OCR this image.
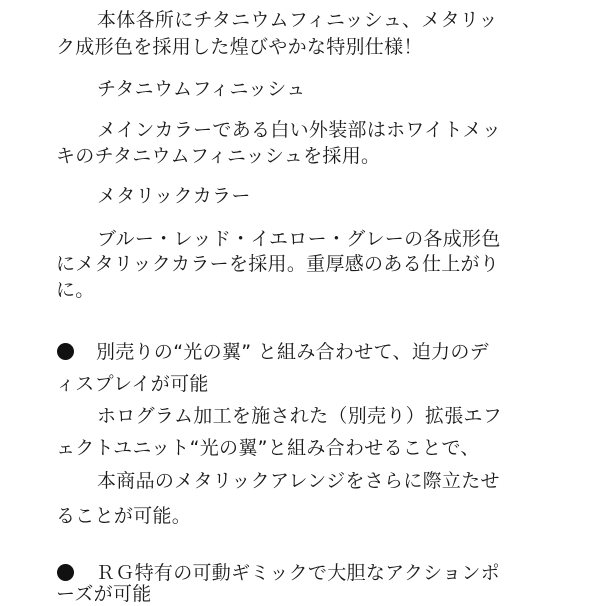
本体各所にチタニウムフィニッシュ、メタリッ
ク成形色を採用した煌びやかな特別仕様！
チタニウムフィニッシュ
メインカラーである白い外装部はホワイトメッ
キのチタニウムフィニッシュを採用。
メタリックカラー
ブルー・レッド・イエロー・グレーの各成形色
にメタリックカラーを採用。重厚感のある仕上がり
に。
別売りの“光の翼” と組み合わせて、迫力のデ
ィスプレイが可能
ホログラム加工を施された（別売り）拡張エフ
ェクトユニット“光の翼”と組み合わせることで、
本商品のメタリックアレンジをさらに際立たせ
ることが可能。
ＲＧ特有の可動ギミックで大胆なアクションポ
ーズが可能
